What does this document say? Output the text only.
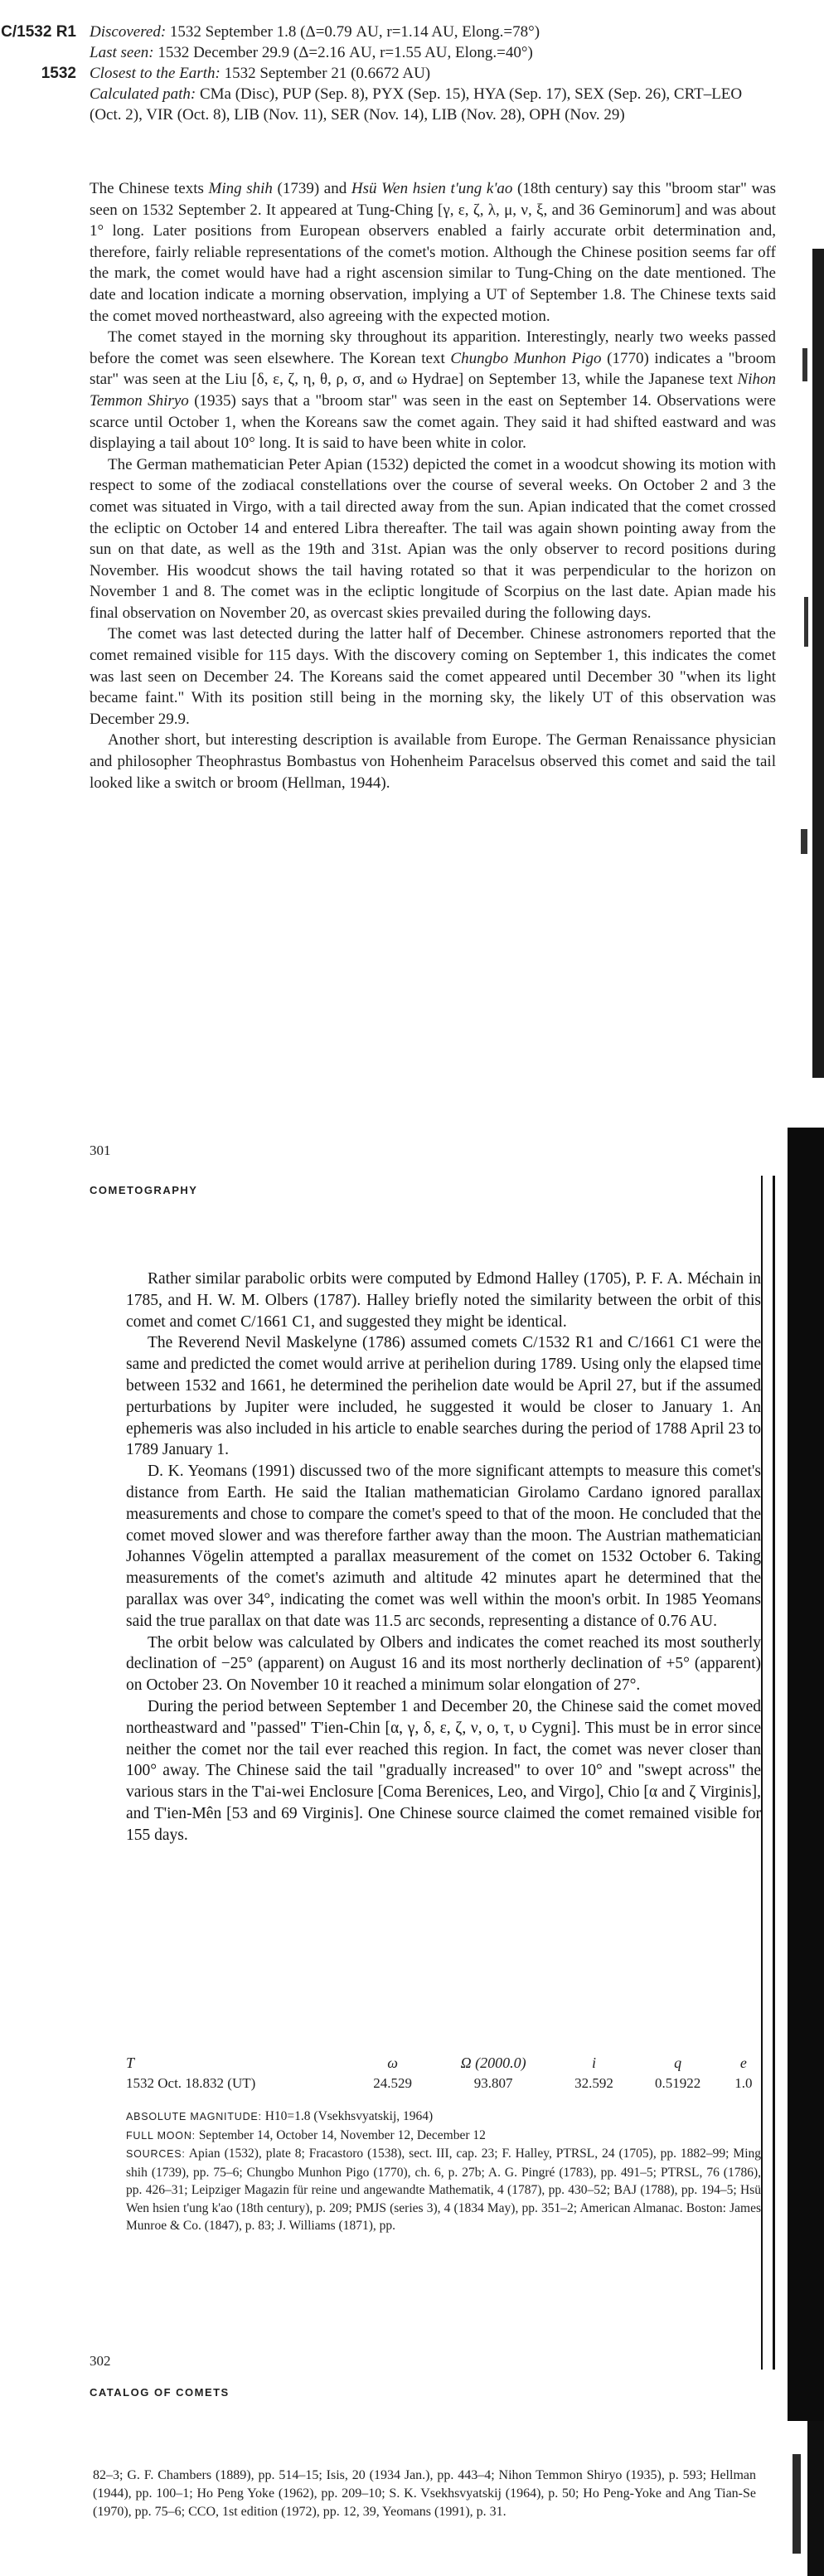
C/1532 R1 Discovered: 1532 September 1.8 (Δ=0.79 AU, r=1.14 AU, Elong.=78°)
Last seen: 1532 December 29.9 (Δ=2.16 AU, r=1.55 AU, Elong.=40°)
1532 Closest to the Earth: 1532 September 21 (0.6672 AU)
Calculated path: CMa (Disc), PUP (Sep. 8), PYX (Sep. 15), HYA (Sep. 17), SEX (Sep. 26), CRT–LEO (Oct. 2), VIR (Oct. 8), LIB (Nov. 11), SER (Nov. 14), LIB (Nov. 28), OPH (Nov. 29)

The Chinese texts Ming shih (1739) and Hsü Wen hsien t'ung k'ao (18th century) say this "broom star" was seen on 1532 September 2. It appeared at Tung-Ching [γ, ε, ζ, λ, μ, ν, ξ, and 36 Geminorum] and was about 1° long. Later positions from European observers enabled a fairly accurate orbit determination and, therefore, fairly reliable representations of the comet's motion. Although the Chinese position seems far off the mark, the comet would have had a right ascension similar to Tung-Ching on the date mentioned. The date and location indicate a morning observation, implying a UT of September 1.8. The Chinese texts said the comet moved northeastward, also agreeing with the expected motion.

The comet stayed in the morning sky throughout its apparition. Interestingly, nearly two weeks passed before the comet was seen elsewhere. The Korean text Chungbo Munhon Pigo (1770) indicates a "broom star" was seen at the Liu [δ, ε, ζ, η, θ, ρ, σ, and ω Hydrae] on September 13, while the Japanese text Nihon Temmon Shiryo (1935) says that a "broom star" was seen in the east on September 14. Observations were scarce until October 1, when the Koreans saw the comet again. They said it had shifted eastward and was displaying a tail about 10° long. It is said to have been white in color.

The German mathematician Peter Apian (1532) depicted the comet in a woodcut showing its motion with respect to some of the zodiacal constellations over the course of several weeks. On October 2 and 3 the comet was situated in Virgo, with a tail directed away from the sun. Apian indicated that the comet crossed the ecliptic on October 14 and entered Libra thereafter. The tail was again shown pointing away from the sun on that date, as well as the 19th and 31st. Apian was the only observer to record positions during November. His woodcut shows the tail having rotated so that it was perpendicular to the horizon on November 1 and 8. The comet was in the ecliptic longitude of Scorpius on the last date. Apian made his final observation on November 20, as overcast skies prevailed during the following days.

The comet was last detected during the latter half of December. Chinese astronomers reported that the comet remained visible for 115 days. With the discovery coming on September 1, this indicates the comet was last seen on December 24. The Koreans said the comet appeared until December 30 "when its light became faint." With its position still being in the morning sky, the likely UT of this observation was December 29.9.

Another short, but interesting description is available from Europe. The German Renaissance physician and philosopher Theophrastus Bombastus von Hohenheim Paracelsus observed this comet and said the tail looked like a switch or broom (Hellman, 1944).

301
COMETOGRAPHY

Rather similar parabolic orbits were computed by Edmond Halley (1705), P. F. A. Méchain in 1785, and H. W. M. Olbers (1787). Halley briefly noted the similarity between the orbit of this comet and comet C/1661 C1, and suggested they might be identical.

The Reverend Nevil Maskelyne (1786) assumed comets C/1532 R1 and C/1661 C1 were the same and predicted the comet would arrive at perihelion during 1789. Using only the elapsed time between 1532 and 1661, he determined the perihelion date would be April 27, but if the assumed perturbations by Jupiter were included, he suggested it would be closer to January 1. An ephemeris was also included in his article to enable searches during the period of 1788 April 23 to 1789 January 1.

D. K. Yeomans (1991) discussed two of the more significant attempts to measure this comet's distance from Earth. He said the Italian mathematician Girolamo Cardano ignored parallax measurements and chose to compare the comet's speed to that of the moon. He concluded that the comet moved slower and was therefore farther away than the moon. The Austrian mathematician Johannes Vögelin attempted a parallax measurement of the comet on 1532 October 6. Taking measurements of the comet's azimuth and altitude 42 minutes apart he determined that the parallax was over 34°, indicating the comet was well within the moon's orbit. In 1985 Yeomans said the true parallax on that date was 11.5 arc seconds, representing a distance of 0.76 AU.

The orbit below was calculated by Olbers and indicates the comet reached its most southerly declination of −25° (apparent) on August 16 and its most northerly declination of +5° (apparent) on October 23. On November 10 it reached a minimum solar elongation of 27°.

During the period between September 1 and December 20, the Chinese said the comet moved northeastward and "passed" T'ien-Chin [α, γ, δ, ε, ζ, ν, ο, τ, υ Cygni]. This must be in error since neither the comet nor the tail ever reached this region. In fact, the comet was never closer than 100° away. The Chinese said the tail "gradually increased" to over 10° and "swept across" the various stars in the T'ai-wei Enclosure [Coma Berenices, Leo, and Virgo], Chio [α and ζ Virginis], and T'ien-Mên [53 and 69 Virginis]. One Chinese source claimed the comet remained visible for 155 days.

T	ω	Ω (2000.0)	i	q	e
1532 Oct. 18.832 (UT)	24.529	93.807	32.592	0.51922	1.0

ABSOLUTE MAGNITUDE: H10=1.8 (Vsekhsvyatskij, 1964)

FULL MOON: September 14, October 14, November 12, December 12

SOURCES: Apian (1532), plate 8; Fracastoro (1538), sect. III, cap. 23; F. Halley, PTRSL, 24 (1705), pp. 1882–99; Ming shih (1739), pp. 75–6; Chungbo Munhon Pigo (1770), ch. 6, p. 27b; A. G. Pingré (1783), pp. 491–5; PTRSL, 76 (1786), pp. 426–31; Leipziger Magazin für reine und angewandte Mathematik, 4 (1787), pp. 430–52; BAJ (1788), pp. 194–5; Hsü Wen hsien t'ung k'ao (18th century), p. 209; PMJS (series 3), 4 (1834 May), pp. 351–2; American Almanac. Boston: James Munroe & Co. (1847), p. 83; J. Williams (1871), pp.

302
CATALOG OF COMETS
82–3; G. F. Chambers (1889), pp. 514–15; Isis, 20 (1934 Jan.), pp. 443–4; Nihon Temmon Shiryo (1935), p. 593; Hellman (1944), pp. 100–1; Ho Peng Yoke (1962), pp. 209–10; S. K. Vsekhsvyatskij (1964), p. 50; Ho Peng-Yoke and Ang Tian-Se (1970), pp. 75–6; CCO, 1st edition (1972), pp. 12, 39, Yeomans (1991), p. 31.
